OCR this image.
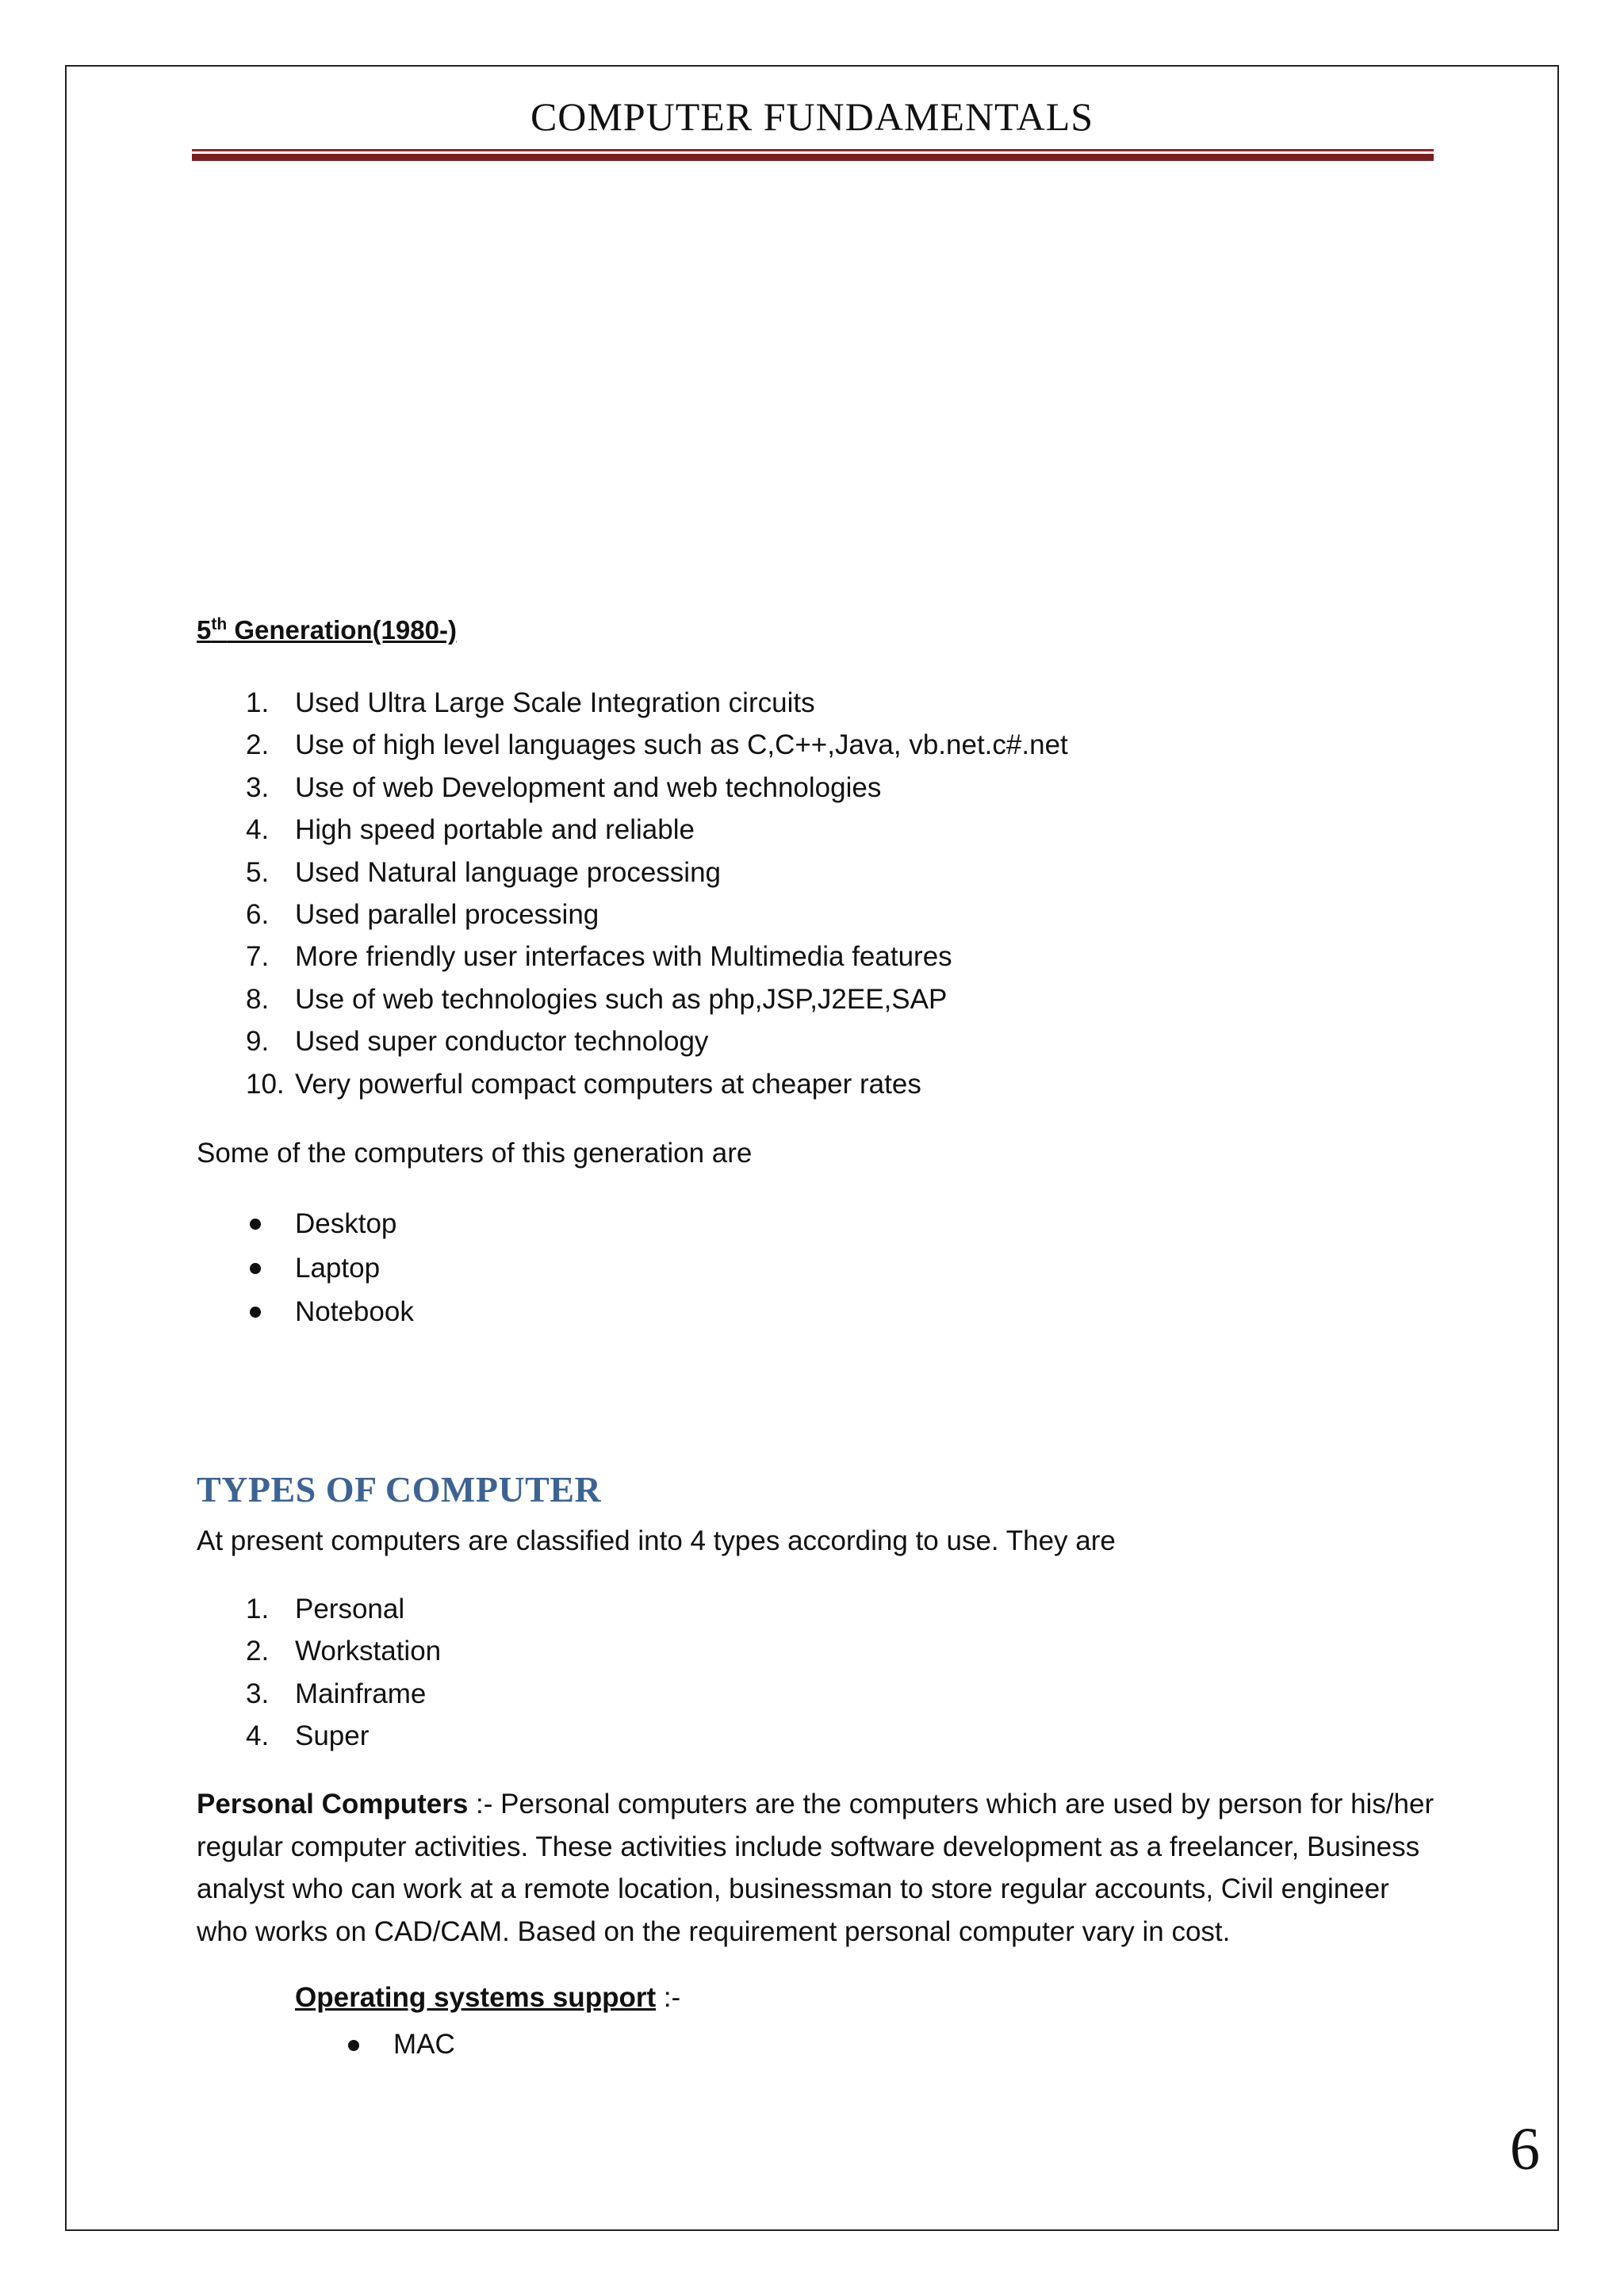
COMPUTER FUNDAMENTALS
5th Generation(1980-)
1. Used Ultra Large Scale Integration circuits
2. Use of high level languages such as C,C++,Java, vb.net.c#.net
3. Use of web Development and web technologies
4. High speed portable and reliable
5. Used Natural language processing
6. Used parallel processing
7. More friendly user interfaces with Multimedia features
8. Use of web technologies such as php,JSP,J2EE,SAP
9. Used super conductor technology
10. Very powerful compact computers at cheaper rates

Some of the computers of this generation are

Desktop
Laptop
Notebook
TYPES OF COMPUTER

At present computers are classified into 4 types according to use. They are

1. Personal
2. Workstation
3. Mainframe
4. Super

Personal Computers :- Personal computers are the computers which are used by person for his/her regular computer activities. These activities include software development as a freelancer, Business analyst who can work at a remote location, businessman to store regular accounts, Civil engineer who works on CAD/CAM. Based on the requirement personal computer vary in cost.

Operating systems support :-
MAC
6
